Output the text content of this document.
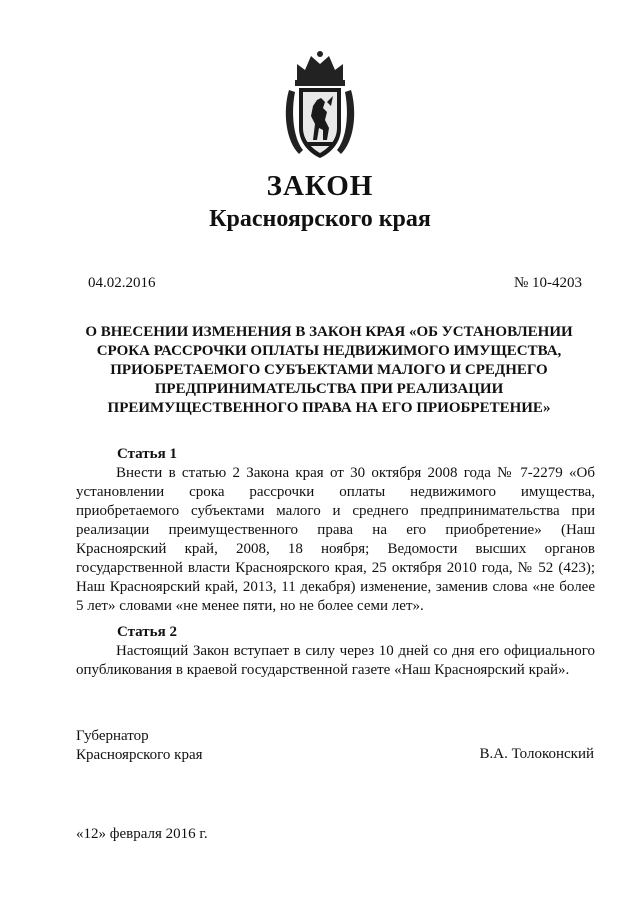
ЗАКОН
Красноярского края
04.02.2016	№ 10-4203
О ВНЕСЕНИИ ИЗМЕНЕНИЯ В ЗАКОН КРАЯ «ОБ УСТАНОВЛЕНИИ СРОКА РАССРОЧКИ ОПЛАТЫ НЕДВИЖИМОГО ИМУЩЕСТВА, ПРИОБРЕТАЕМОГО СУБЪЕКТАМИ МАЛОГО И СРЕДНЕГО ПРЕДПРИНИМАТЕЛЬСТВА ПРИ РЕАЛИЗАЦИИ ПРЕИМУЩЕСТВЕННОГО ПРАВА НА ЕГО ПРИОБРЕТЕНИЕ»
Статья 1

Внести в статью 2 Закона края от 30 октября 2008 года № 7-2279 «Об установлении срока рассрочки оплаты недвижимого имущества, приобретаемого субъектами малого и среднего предпринимательства при реализации преимущественного права на его приобретение» (Наш Красноярский край, 2008, 18 ноября; Ведомости высших органов государственной власти Красноярского края, 25 октября 2010 года, № 52 (423); Наш Красноярский край, 2013, 11 декабря) изменение, заменив слова «не более 5 лет» словами «не менее пяти, но не более семи лет».

Статья 2

Настоящий Закон вступает в силу через 10 дней со дня его официального опубликования в краевой государственной газете «Наш Красноярский край».

Губернатор
Красноярского края	В.А. Толоконский
«12» февраля 2016 г.
